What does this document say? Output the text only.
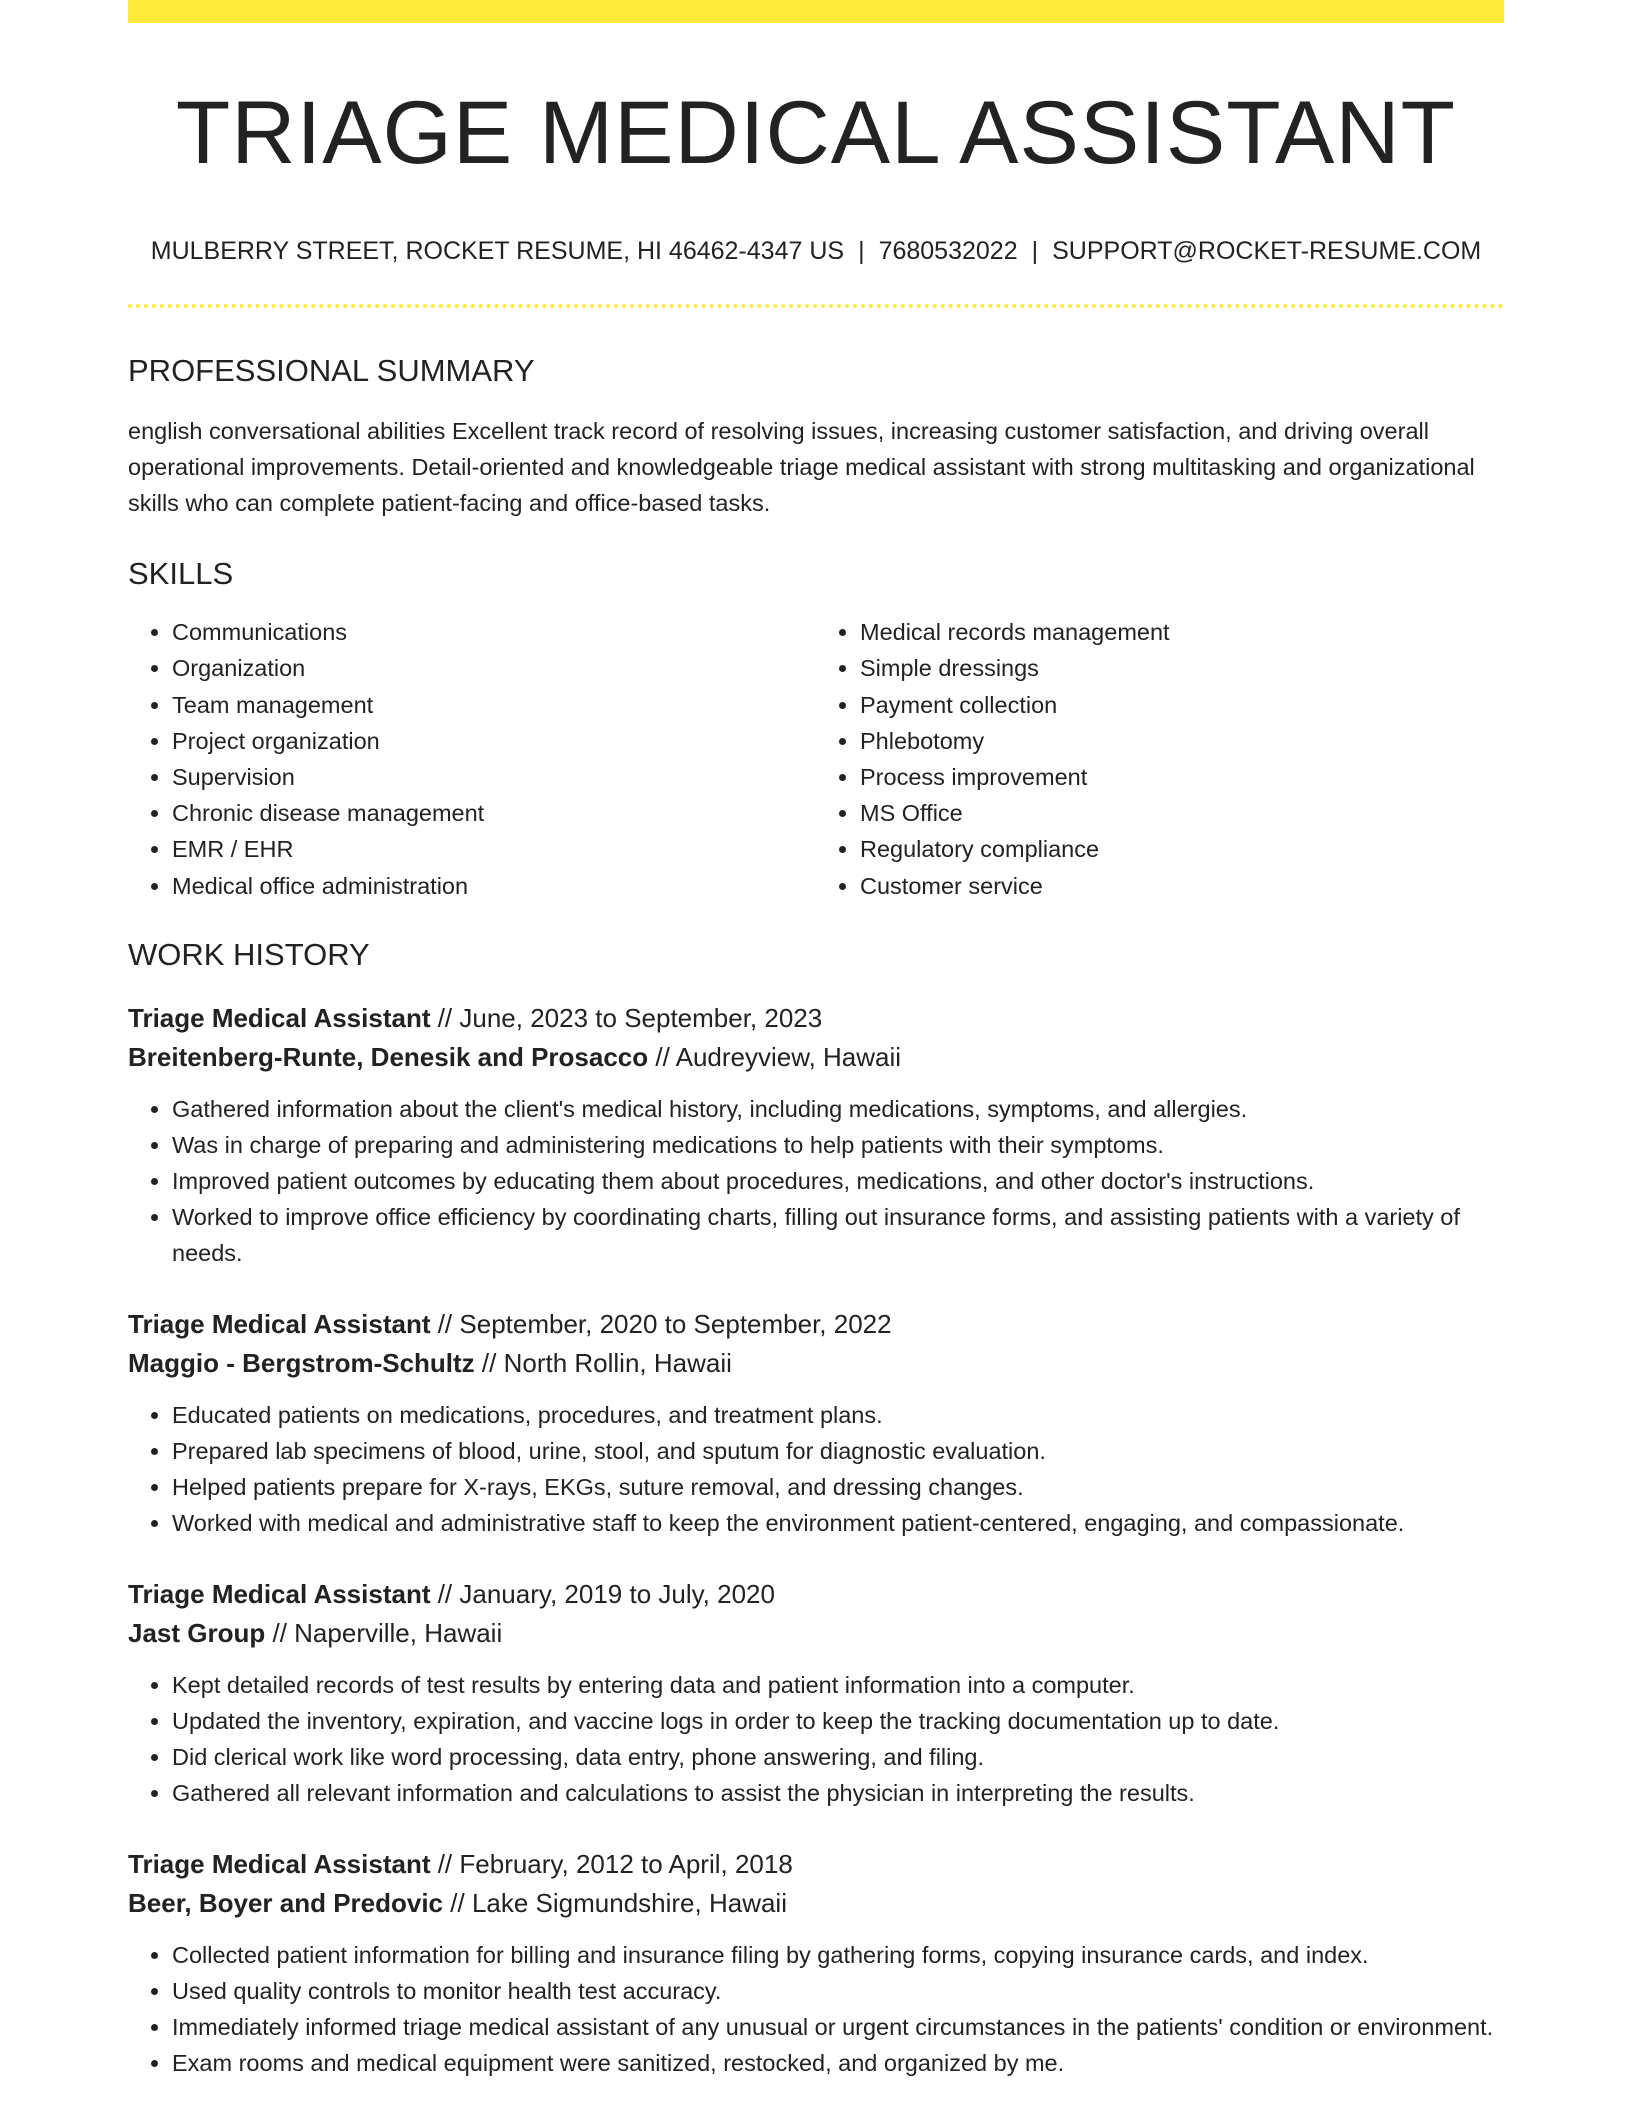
TRIAGE MEDICAL ASSISTANT
MULBERRY STREET, ROCKET RESUME, HI 46462-4347 US | 7680532022 | SUPPORT@ROCKET-RESUME.COM
PROFESSIONAL SUMMARY

english conversational abilities Excellent track record of resolving issues, increasing customer satisfaction, and driving overall operational improvements. Detail-oriented and knowledgeable triage medical assistant with strong multitasking and organizational skills who can complete patient-facing and office-based tasks.

SKILLS
• Communications
• Organization
• Team management
• Project organization
• Supervision
• Chronic disease management
• EMR / EHR
• Medical office administration
• Medical records management
• Simple dressings
• Payment collection
• Phlebotomy
• Process improvement
• MS Office
• Regulatory compliance
• Customer service
WORK HISTORY
Triage Medical Assistant // June, 2023 to September, 2023
Breitenberg-Runte, Denesik and Prosacco // Audreyview, Hawaii
• Gathered information about the client's medical history, including medications, symptoms, and allergies.
• Was in charge of preparing and administering medications to help patients with their symptoms.
• Improved patient outcomes by educating them about procedures, medications, and other doctor's instructions.
• Worked to improve office efficiency by coordinating charts, filling out insurance forms, and assisting patients with a variety of needs.
Triage Medical Assistant // September, 2020 to September, 2022
Maggio - Bergstrom-Schultz // North Rollin, Hawaii
• Educated patients on medications, procedures, and treatment plans.
• Prepared lab specimens of blood, urine, stool, and sputum for diagnostic evaluation.
• Helped patients prepare for X-rays, EKGs, suture removal, and dressing changes.
• Worked with medical and administrative staff to keep the environment patient-centered, engaging, and compassionate.
Triage Medical Assistant // January, 2019 to July, 2020
Jast Group // Naperville, Hawaii
• Kept detailed records of test results by entering data and patient information into a computer.
• Updated the inventory, expiration, and vaccine logs in order to keep the tracking documentation up to date.
• Did clerical work like word processing, data entry, phone answering, and filing.
• Gathered all relevant information and calculations to assist the physician in interpreting the results.
Triage Medical Assistant // February, 2012 to April, 2018
Beer, Boyer and Predovic // Lake Sigmundshire, Hawaii
• Collected patient information for billing and insurance filing by gathering forms, copying insurance cards, and index.
• Used quality controls to monitor health test accuracy.
• Immediately informed triage medical assistant of any unusual or urgent circumstances in the patients' condition or environment.
• Exam rooms and medical equipment were sanitized, restocked, and organized by me.
